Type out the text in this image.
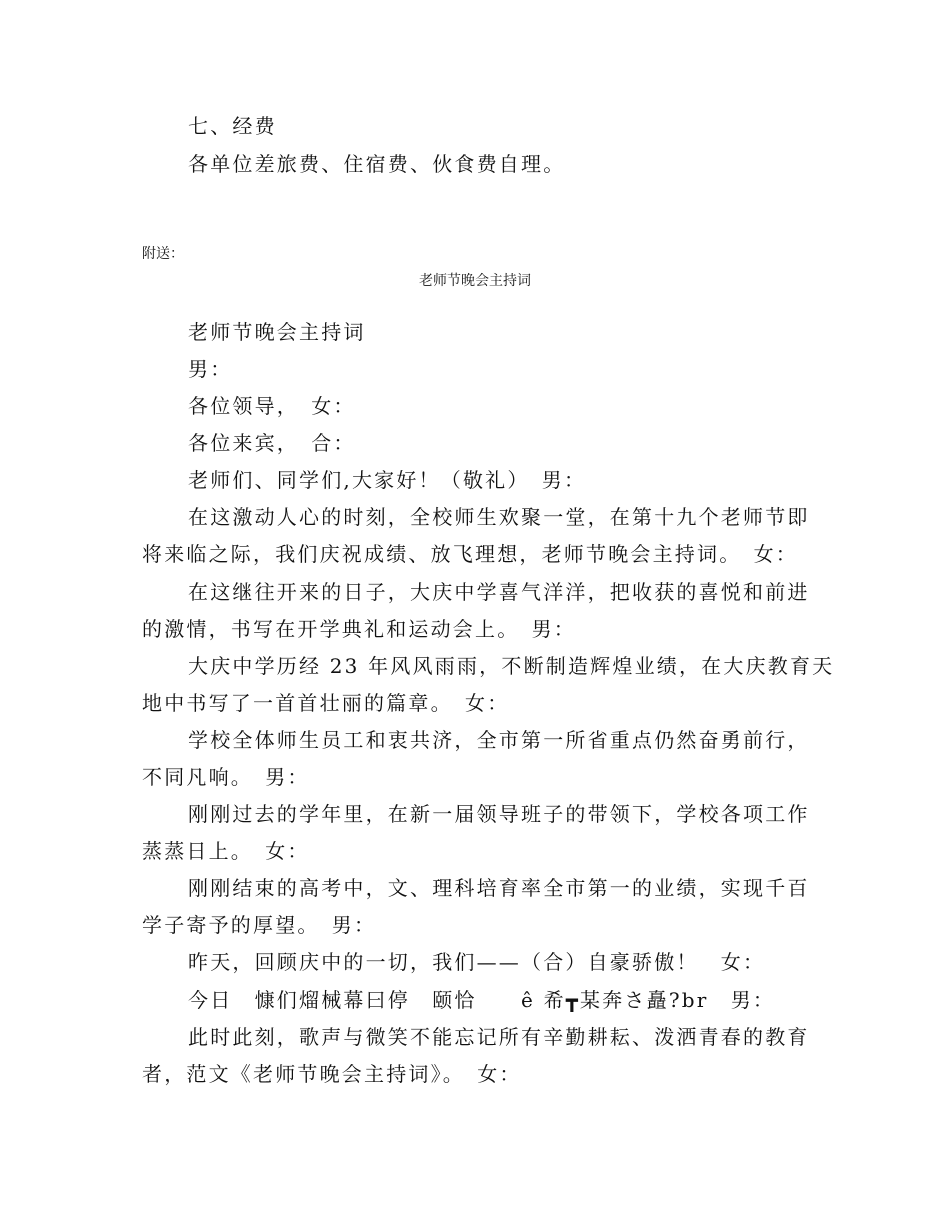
七、经费
各单位差旅费、住宿费、伙食费自理。
附送：
老师节晚会主持词
老师节晚会主持词
男：
各位领导，　女：
各位来宾，　合：
老师们、同学们,大家好！（敬礼）　男：
在这激动人心的时刻，全校师生欢聚一堂，在第十九个老师节即
将来临之际，我们庆祝成绩、放飞理想，老师节晚会主持词。　女：
在这继往开来的日子，大庆中学喜气洋洋，把收获的喜悦和前进
的激情，书写在开学典礼和运动会上。　男：
大庆中学历经 23 年风风雨雨，不断制造辉煌业绩，在大庆教育天
地中书写了一首首壮丽的篇章。　女：
学校全体师生员工和衷共济，全市第一所省重点仍然奋勇前行，
不同凡响。　男：
刚刚过去的学年里，在新一届领导班子的带领下，学校各项工作
蒸蒸日上。　女：
刚刚结束的高考中，文、理科培育率全市第一的业绩，实现千百
学子寄予的厚望。　男：
昨天，回顾庆中的一切，我们——（合）自豪骄傲！　女：
今日　慷们熘械幕曰停　颐恰　　ê 希┳某奔さ矗?br　男：
此时此刻，歌声与微笑不能忘记所有辛勤耕耘、泼洒青春的教育
者，范文《老师节晚会主持词》。　女：
